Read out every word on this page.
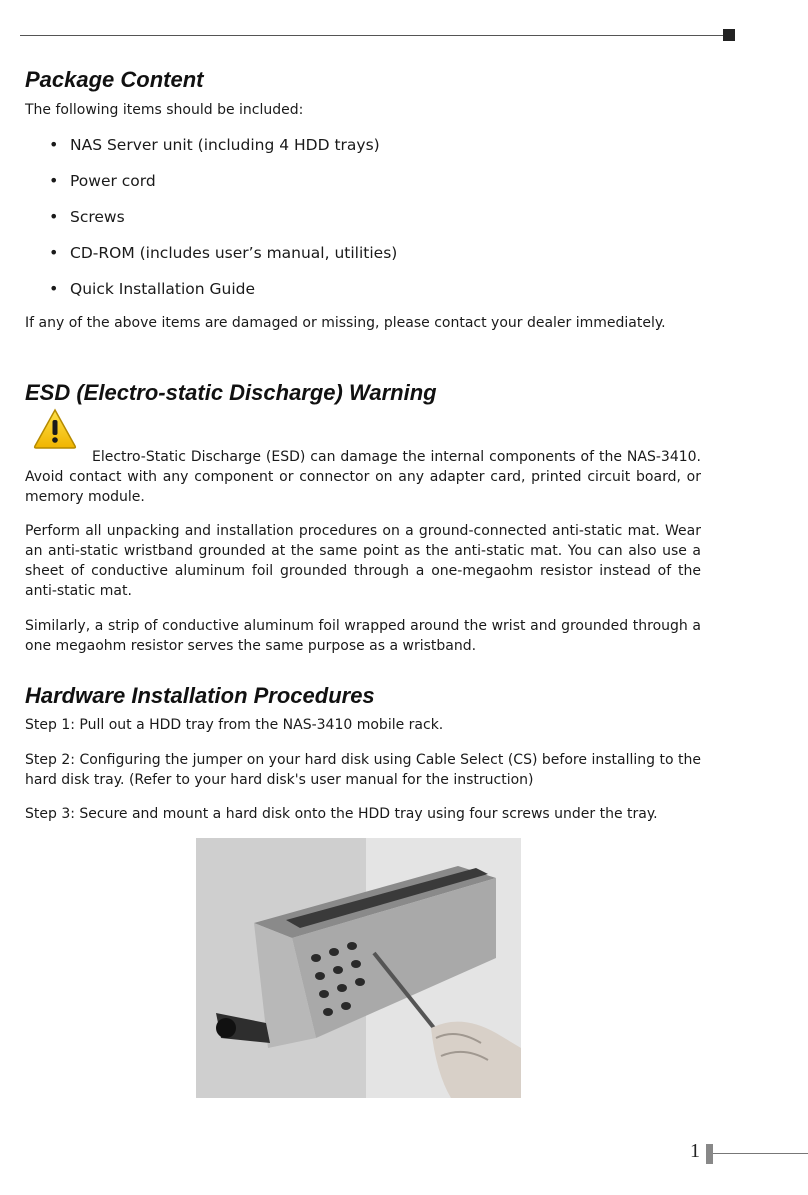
Package Content

The following items should be included:

• NAS Server unit (including 4 HDD trays)
• Power cord
• Screws
• CD-ROM (includes user’s manual, utilities)
• Quick Installation Guide

If any of the above items are damaged or missing, please contact your dealer immediately.

ESD (Electro-static Discharge) Warning

Electro-Static Discharge (ESD) can damage the internal components of the NAS-3410. Avoid contact with any component or connector on any adapter card, printed circuit board, or memory module.

Perform all unpacking and installation procedures on a ground-connected anti-static mat. Wear an anti-static wristband grounded at the same point as the anti-static mat. You can also use a sheet of conductive aluminum foil grounded through a one-megaohm resistor instead of the anti-static mat.

Similarly, a strip of conductive aluminum foil wrapped around the wrist and grounded through a one megaohm resistor serves the same purpose as a wristband.

Hardware Installation Procedures

Step 1: Pull out a HDD tray from the NAS-3410 mobile rack.

Step 2: Configuring the jumper on your hard disk using Cable Select (CS) before installing to the hard disk tray. (Refer to your hard disk's user manual for the instruction)

Step 3: Secure and mount a hard disk onto the HDD tray using four screws under the tray.

1
